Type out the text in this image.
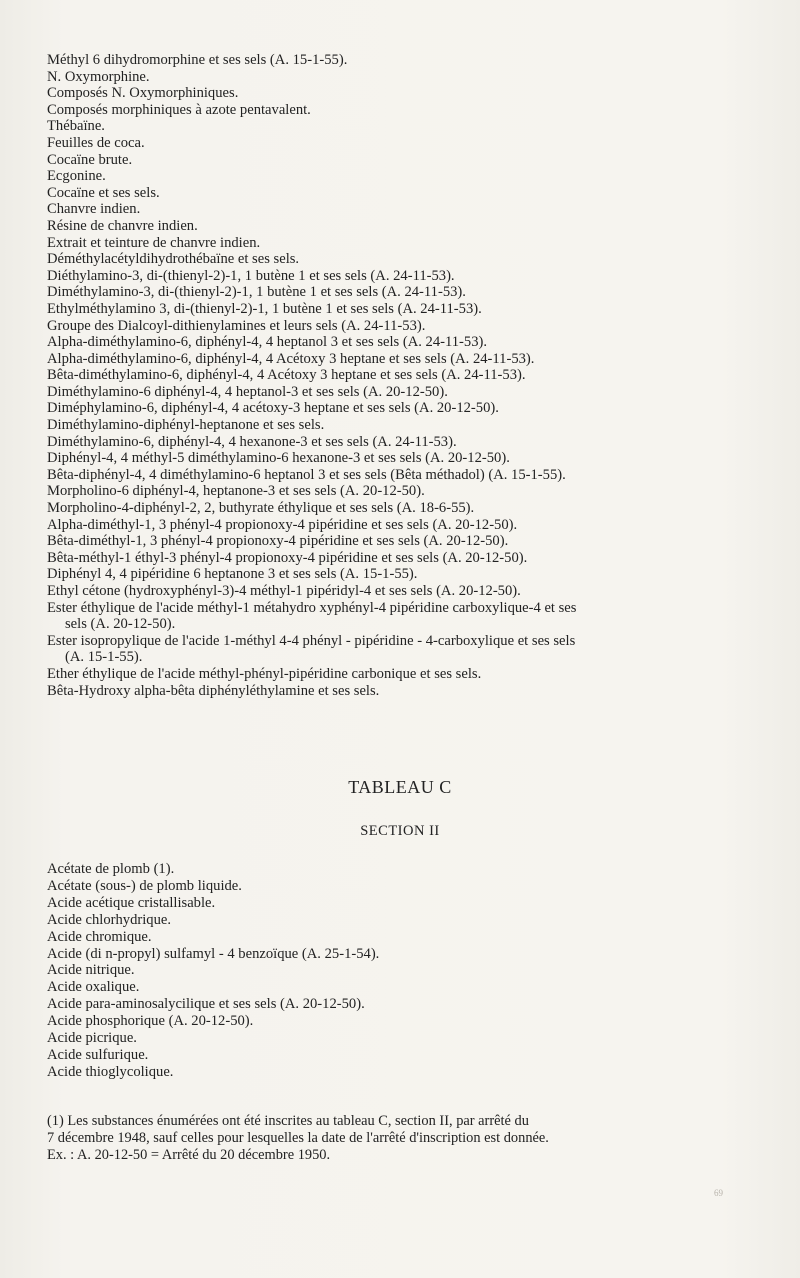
Méthyl 6 dihydromorphine et ses sels (A. 15-1-55).
N. Oxymorphine.
Composés N. Oxymorphiniques.
Composés morphiniques à azote pentavalent.
Thébaïne.
Feuilles de coca.
Cocaïne brute.
Ecgonine.
Cocaïne et ses sels.
Chanvre indien.
Résine de chanvre indien.
Extrait et teinture de chanvre indien.
Déméthylacétyldihydrothébaïne et ses sels.
Diéthylamino-3, di-(thienyl-2)-1, 1 butène 1 et ses sels (A. 24-11-53).
Diméthylamino-3, di-(thienyl-2)-1, 1 butène 1 et ses sels (A. 24-11-53).
Ethylméthylamino 3, di-(thienyl-2)-1, 1 butène 1 et ses sels (A. 24-11-53).
Groupe des Dialcoyl-dithienylamines et leurs sels (A. 24-11-53).
Alpha-diméthylamino-6, diphényl-4, 4 heptanol 3 et ses sels (A. 24-11-53).
Alpha-diméthylamino-6, diphényl-4, 4 Acétoxy 3 heptane et ses sels (A. 24-11-53).
Bêta-diméthylamino-6, diphényl-4, 4 Acétoxy 3 heptane et ses sels (A. 24-11-53).
Diméthylamino-6 diphényl-4, 4 heptanol-3 et ses sels (A. 20-12-50).
Diméphylamino-6, diphényl-4, 4 acétoxy-3 heptane et ses sels (A. 20-12-50).
Diméthylamino-diphényl-heptanone et ses sels.
Diméthylamino-6, diphényl-4, 4 hexanone-3 et ses sels (A. 24-11-53).
Diphényl-4, 4 méthyl-5 diméthylamino-6 hexanone-3 et ses sels (A. 20-12-50).
Bêta-diphényl-4, 4 diméthylamino-6 heptanol 3 et ses sels (Bêta méthadol) (A. 15-1-55).
Morpholino-6 diphényl-4, heptanone-3 et ses sels (A. 20-12-50).
Morpholino-4-diphényl-2, 2, buthyrate éthylique et ses sels (A. 18-6-55).
Alpha-diméthyl-1, 3 phényl-4 propionoxy-4 pipéridine et ses sels (A. 20-12-50).
Bêta-diméthyl-1, 3 phényl-4 propionoxy-4 pipéridine et ses sels (A. 20-12-50).
Bêta-méthyl-1 éthyl-3 phényl-4 propionoxy-4 pipéridine et ses sels (A. 20-12-50).
Diphényl 4, 4 pipéridine 6 heptanone 3 et ses sels (A. 15-1-55).
Ethyl cétone (hydroxyphényl-3)-4 méthyl-1 pipéridyl-4 et ses sels (A. 20-12-50).
Ester éthylique de l'acide méthyl-1 métahydro xyphényl-4 pipéridine carboxylique-4 et ses
sels (A. 20-12-50).
Ester isopropylique de l'acide 1-méthyl 4-4 phényl - pipéridine - 4-carboxylique et ses sels
(A. 15-1-55).
Ether éthylique de l'acide méthyl-phényl-pipéridine carbonique et ses sels.
Bêta-Hydroxy alpha-bêta diphényléthylamine et ses sels.
TABLEAU C
SECTION II
Acétate de plomb (1).
Acétate (sous-) de plomb liquide.
Acide acétique cristallisable.
Acide chlorhydrique.
Acide chromique.
Acide (di n-propyl) sulfamyl - 4 benzoïque (A. 25-1-54).
Acide nitrique.
Acide oxalique.
Acide para-aminosalycilique et ses sels (A. 20-12-50).
Acide phosphorique (A. 20-12-50).
Acide picrique.
Acide sulfurique.
Acide thioglycolique.
(1) Les substances énumérées ont été inscrites au tableau C, section II, par arrêté du
7 décembre 1948, sauf celles pour lesquelles la date de l'arrêté d'inscription est donnée.
Ex. : A. 20-12-50 = Arrêté du 20 décembre 1950.
69
